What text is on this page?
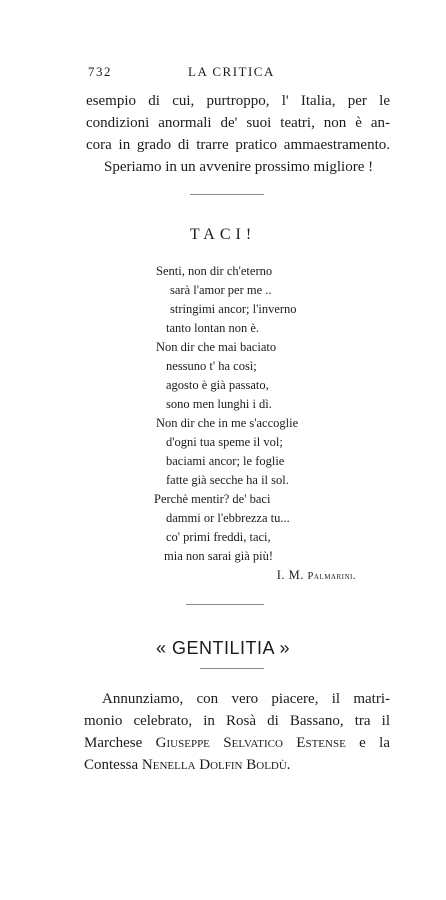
732	LA CRITICA

esempio di cui, purtroppo, l' Italia, per le

condizioni anormali de' suoi teatri, non è an-

cora in grado di trarre pratico ammaestramento.

Speriamo in un avvenire prossimo migliore !

TACI!
Senti, non dir ch'eterno
sarà l'amor per me ..
stringimi ancor; l'inverno
tanto lontan non è.
Non dir che mai baciato
nessuno t' ha così;
agosto è già passato,
sono men lunghi i dì.
Non dir che in me s'accoglie
d'ogni tua speme il vol;
baciami ancor; le foglie
fatte già secche ha il sol.
Perchè mentir? de' baci
dammi or l'ebbrezza tu...
co' primi freddi, taci,
mia non sarai già più!
I. M. Palmarini.
« GENTILITIA »

Annunziamo, con vero piacere, il matri-

monio celebrato, in Rosà di Bassano, tra il

Marchese Giuseppe Selvatico Estense e la

Contessa Nenella Dolfin Boldù.
